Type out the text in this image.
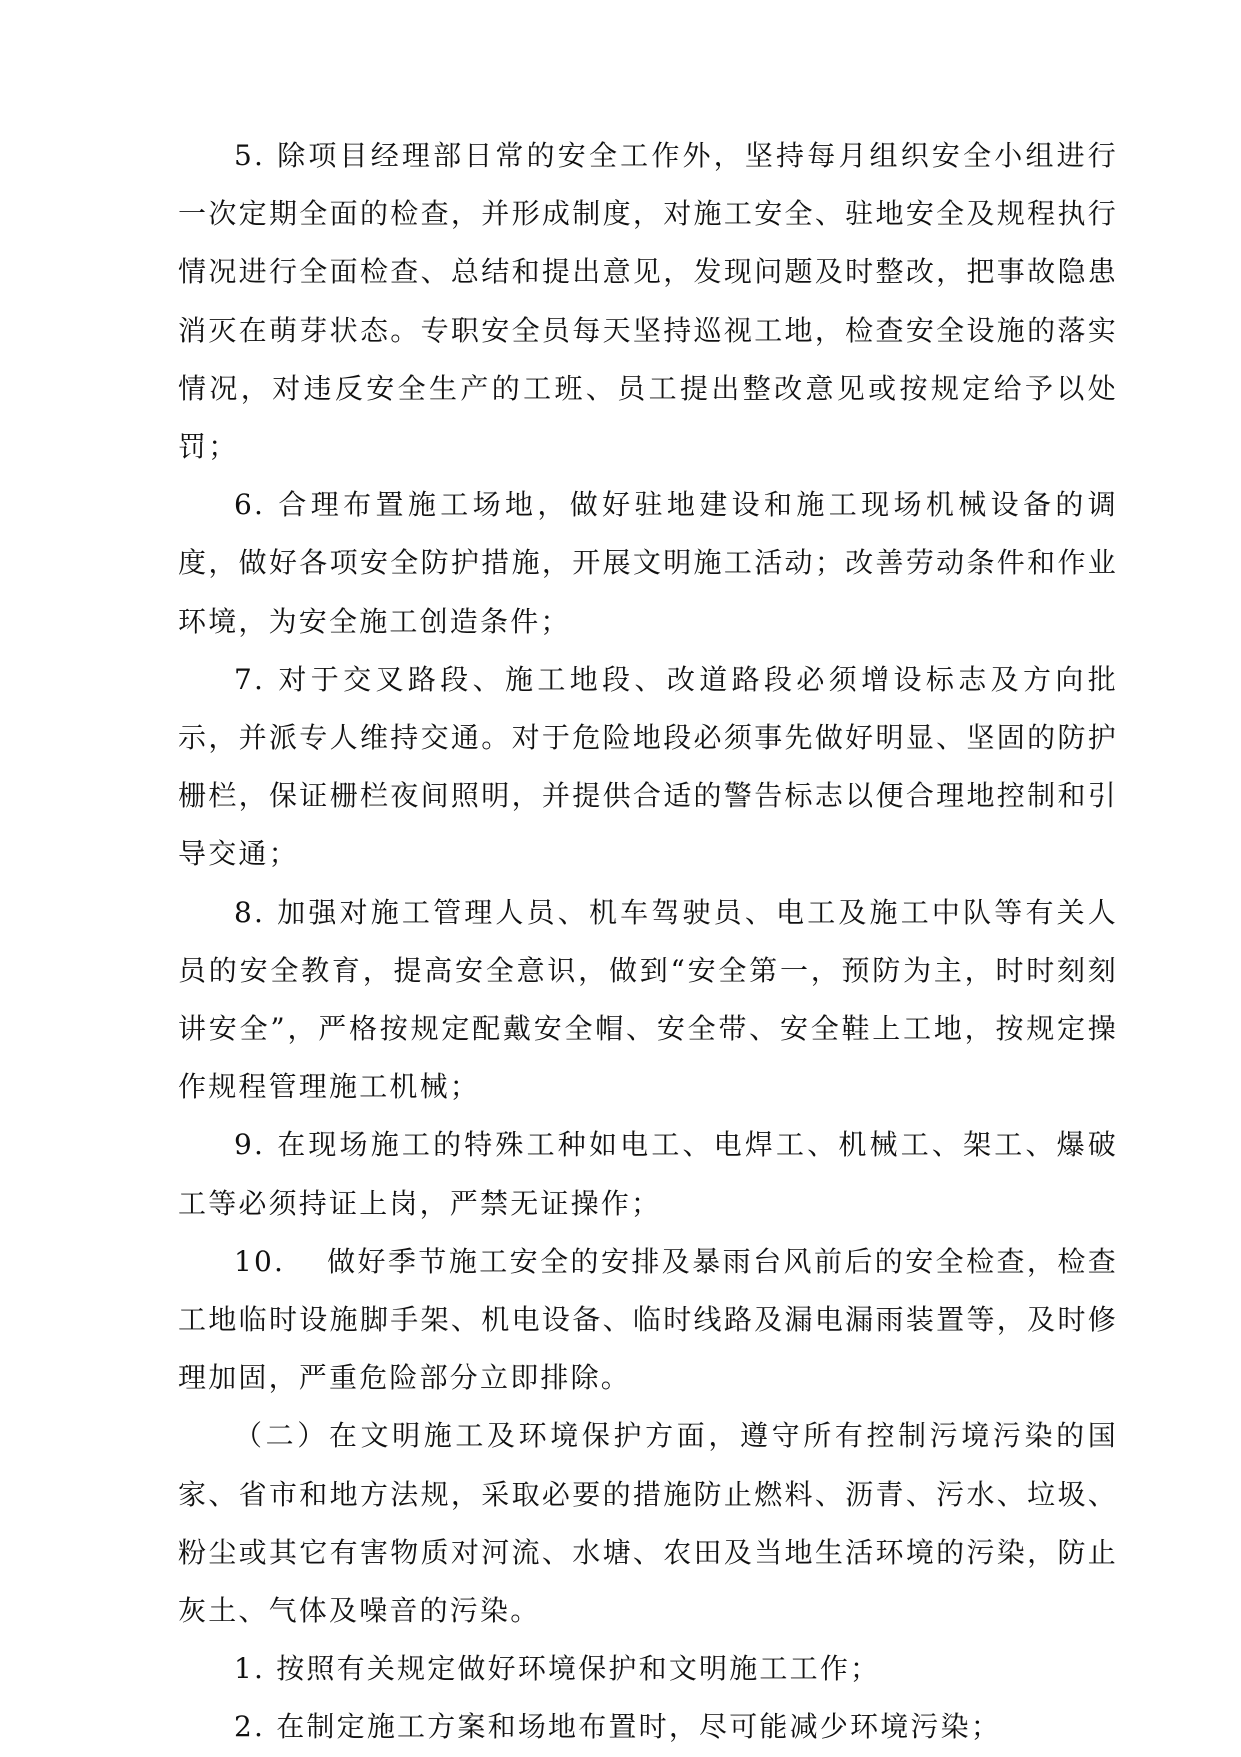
5. 除项目经理部日常的安全工作外，坚持每月组织安全小组进行一次定期全面的检查，并形成制度，对施工安全、驻地安全及规程执行情况进行全面检查、总结和提出意见，发现问题及时整改，把事故隐患消灭在萌芽状态。专职安全员每天坚持巡视工地，检查安全设施的落实情况，对违反安全生产的工班、员工提出整改意见或按规定给予以处罚；

6. 合理布置施工场地，做好驻地建设和施工现场机械设备的调度，做好各项安全防护措施，开展文明施工活动；改善劳动条件和作业环境，为安全施工创造条件；

7. 对于交叉路段、施工地段、改道路段必须增设标志及方向批示，并派专人维持交通。对于危险地段必须事先做好明显、坚固的防护栅栏，保证栅栏夜间照明，并提供合适的警告标志以便合理地控制和引导交通；

8. 加强对施工管理人员、机车驾驶员、电工及施工中队等有关人员的安全教育，提高安全意识，做到“安全第一，预防为主，时时刻刻讲安全”，严格按规定配戴安全帽、安全带、安全鞋上工地，按规定操作规程管理施工机械；

9. 在现场施工的特殊工种如电工、电焊工、机械工、架工、爆破工等必须持证上岗，严禁无证操作；

10.　 做好季节施工安全的安排及暴雨台风前后的安全检查，检查工地临时设施脚手架、机电设备、临时线路及漏电漏雨装置等，及时修理加固，严重危险部分立即排除。

（二）在文明施工及环境保护方面，遵守所有控制污境污染的国家、省市和地方法规，采取必要的措施防止燃料、沥青、污水、垃圾、粉尘或其它有害物质对河流、水塘、农田及当地生活环境的污染，防止灰土、气体及噪音的污染。

1. 按照有关规定做好环境保护和文明施工工作；

2. 在制定施工方案和场地布置时，尽可能减少环境污染；
